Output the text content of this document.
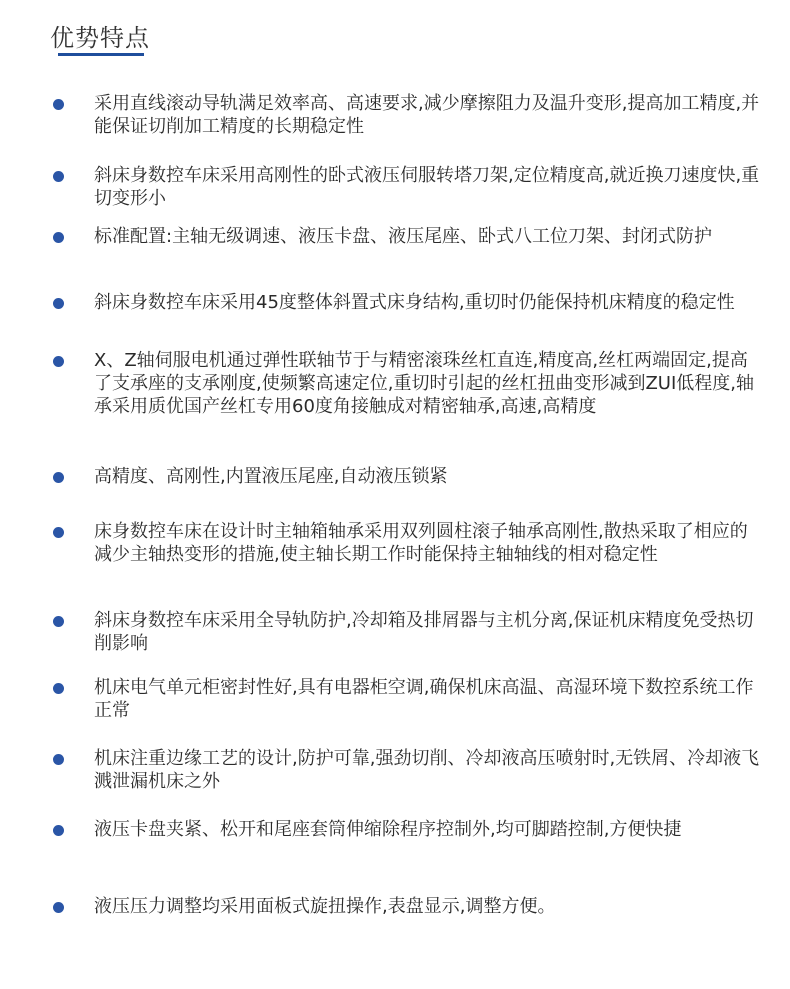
优势特点
采用直线滚动导轨满足效率高、高速要求,减少摩擦阻力及温升变形,提高加工精度,并能保证切削加工精度的长期稳定性
斜床身数控车床采用高刚性的卧式液压伺服转塔刀架,定位精度高,就近换刀速度快,重切变形小
标准配置:主轴无级调速、液压卡盘、液压尾座、卧式八工位刀架、封闭式防护
斜床身数控车床采用45度整体斜置式床身结构,重切时仍能保持机床精度的稳定性
X、Z轴伺服电机通过弹性联轴节于与精密滚珠丝杠直连,精度高,丝杠两端固定,提高了支承座的支承刚度,使频繁高速定位,重切时引起的丝杠扭曲变形减到ZUI低程度,轴承采用质优国产丝杠专用60度角接触成对精密轴承,高速,高精度
高精度、高刚性,内置液压尾座,自动液压锁紧
床身数控车床在设计时主轴箱轴承采用双列圆柱滚子轴承高刚性,散热采取了相应的减少主轴热变形的措施,使主轴长期工作时能保持主轴轴线的相对稳定性
斜床身数控车床采用全导轨防护,冷却箱及排屑器与主机分离,保证机床精度免受热切削影响
机床电气单元柜密封性好,具有电器柜空调,确保机床高温、高湿环境下数控系统工作正常
机床注重边缘工艺的设计,防护可靠,强劲切削、冷却液高压喷射时,无铁屑、冷却液飞溅泄漏机床之外
液压卡盘夹紧、松开和尾座套筒伸缩除程序控制外,均可脚踏控制,方便快捷
液压压力调整均采用面板式旋扭操作,表盘显示,调整方便。
